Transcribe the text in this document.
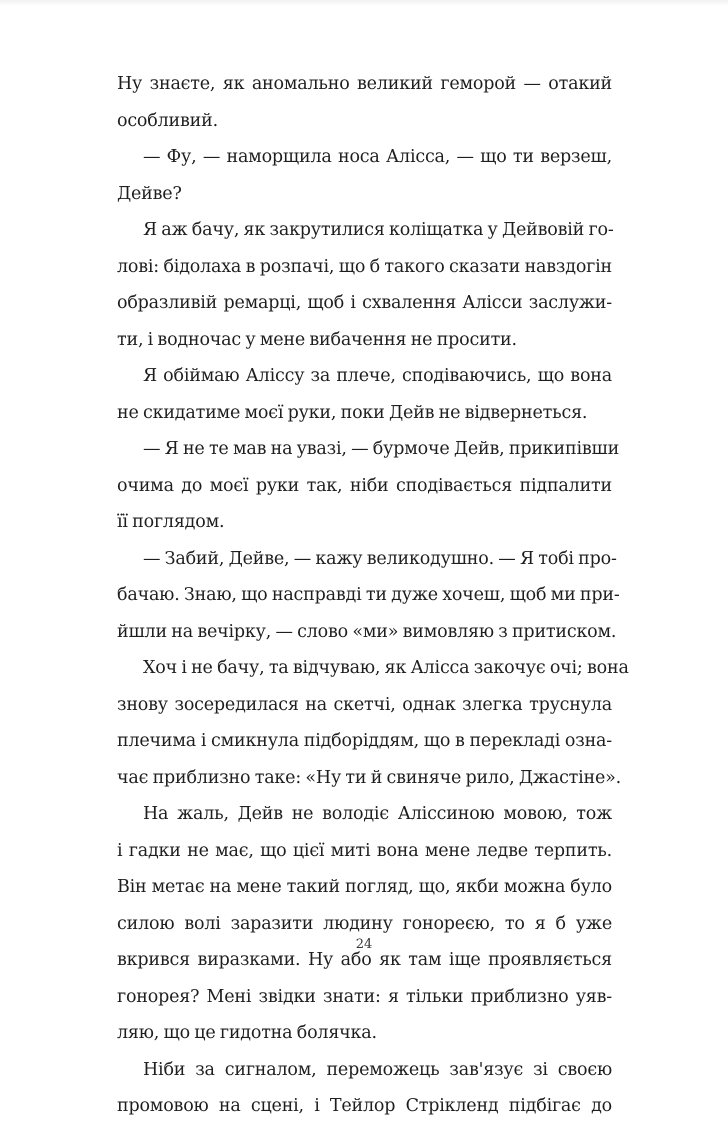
Ну знаєте, як аномально великий геморой — отакий
особливий.
— Фу, — наморщила носа Алісса, — що ти верзеш,
Дейве?
Я аж бачу, як закрутилися коліщатка у Дейвовій го-
лові: бідолаха в розпачі, що б такого сказати навздогін
образливій ремарці, щоб і схвалення Алісси заслужи-
ти, і водночас у мене вибачення не просити.
Я обіймаю Аліссу за плече, сподіваючись, що вона
не скидатиме моєї руки, поки Дейв не відвернеться.
— Я не те мав на увазі, — бурмоче Дейв, прикипівши
очима до моєї руки так, ніби сподівається підпалити
її поглядом.
— Забий, Дейве, — кажу великодушно. — Я тобі про-
бачаю. Знаю, що насправді ти дуже хочеш, щоб ми при-
йшли на вечірку, — слово «ми» вимовляю з притиском.
Хоч і не бачу, та відчуваю, як Алісса закочує очі; вона
знову зосередилася на скетчі, однак злегка труснула
плечима і смикнула підборіддям, що в перекладі озна-
чає приблизно таке: «Ну ти й свиняче рило, Джастіне».
На жаль, Дейв не володіє Аліссиною мовою, тож
і гадки не має, що цієї миті вона мене ледве терпить.
Він метає на мене такий погляд, що, якби можна було
силою волі заразити людину гонореєю, то я б уже
вкрився виразками. Ну або як там іще проявляється
гонорея? Мені звідки знати: я тільки приблизно уяв-
ляю, що це гидотна болячка.
Ніби за сигналом, переможець зав'язує зі своєю
промовою на сцені, і Тейлор Стрікленд підбігає до
24
